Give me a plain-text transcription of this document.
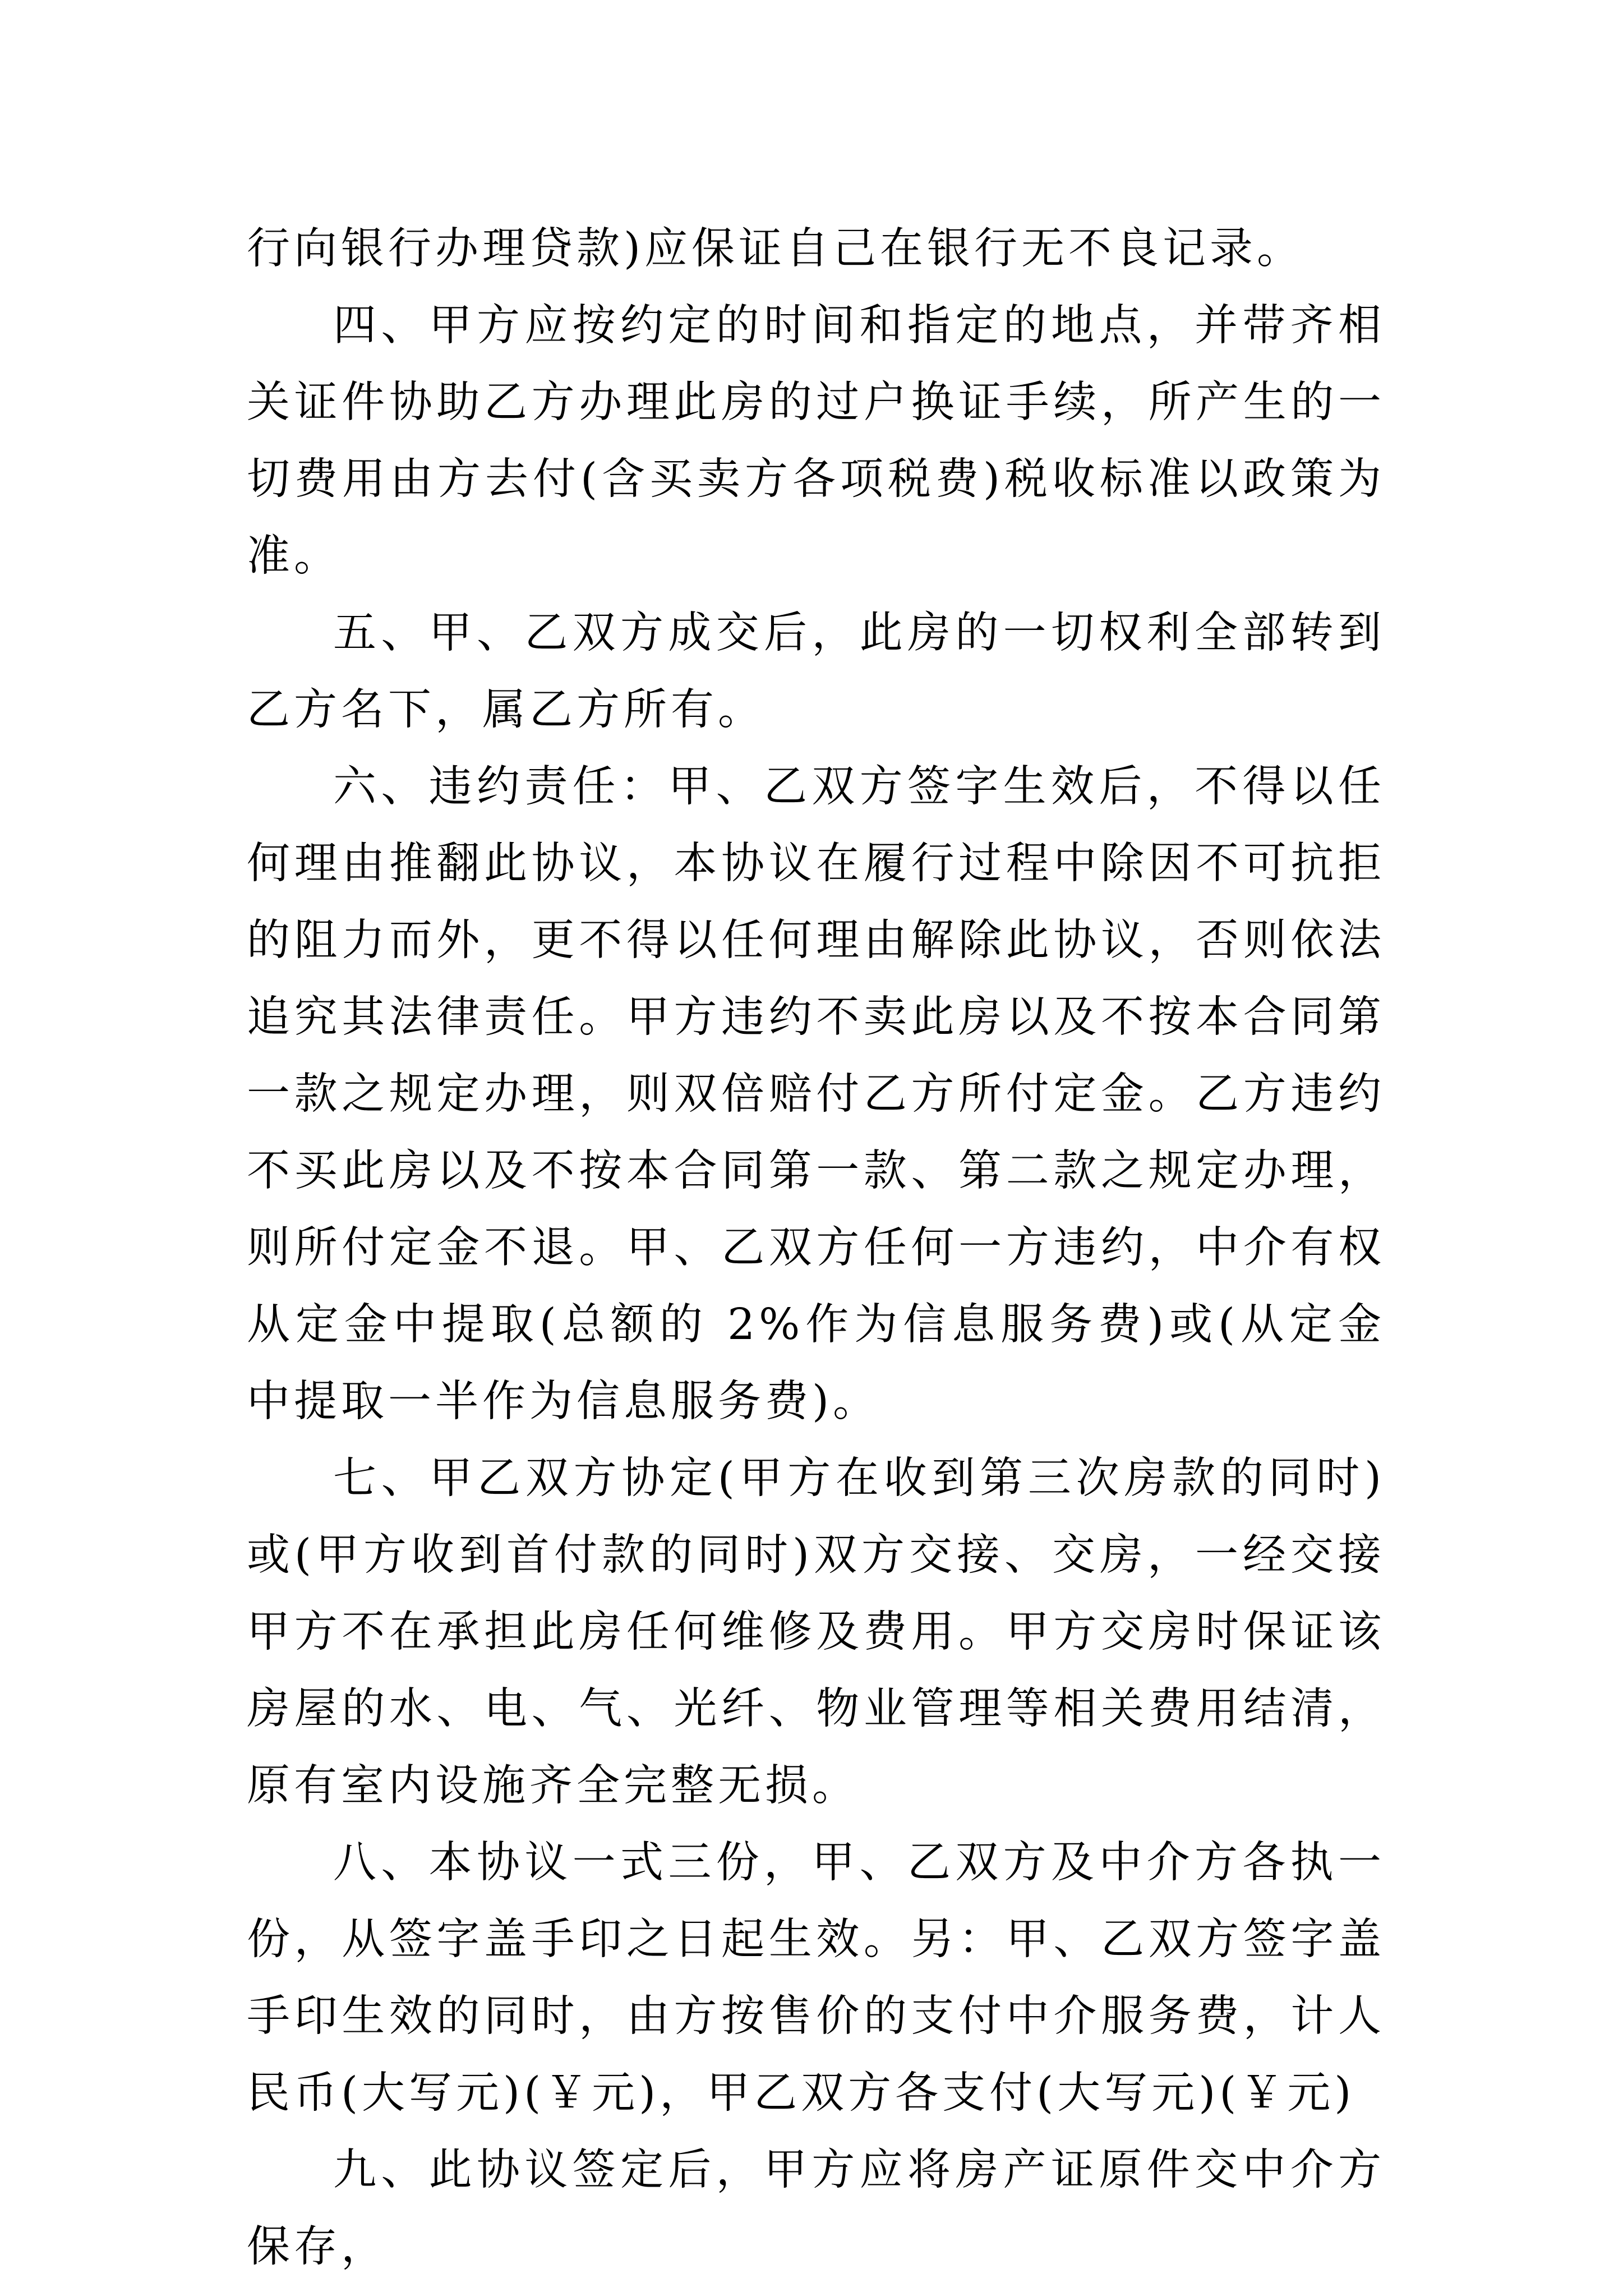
行向银行办理贷款)应保证自己在银行无不良记录。

四、甲方应按约定的时间和指定的地点，并带齐相关证件协助乙方办理此房的过户换证手续，所产生的一切费用由方去付(含买卖方各项税费)税收标准以政策为准。

五、甲、乙双方成交后，此房的一切权利全部转到乙方名下，属乙方所有。

六、违约责任：甲、乙双方签字生效后，不得以任何理由推翻此协议，本协议在履行过程中除因不可抗拒的阻力而外，更不得以任何理由解除此协议，否则依法追究其法律责任。甲方违约不卖此房以及不按本合同第一款之规定办理，则双倍赔付乙方所付定金。乙方违约不买此房以及不按本合同第一款、第二款之规定办理，则所付定金不退。甲、乙双方任何一方违约，中介有权从定金中提取(总额的 2%作为信息服务费)或(从定金中提取一半作为信息服务费)。

七、甲乙双方协定(甲方在收到第三次房款的同时)或(甲方收到首付款的同时)双方交接、交房，一经交接甲方不在承担此房任何维修及费用。甲方交房时保证该房屋的水、电、气、光纤、物业管理等相关费用结清，原有室内设施齐全完整无损。

八、本协议一式三份，甲、乙双方及中介方各执一份，从签字盖手印之日起生效。另：甲、乙双方签字盖手印生效的同时，由方按售价的支付中介服务费，计人民币(大写元)(￥元)，甲乙双方各支付(大写元)(￥元)

九、此协议签定后，甲方应将房产证原件交中介方保存，
